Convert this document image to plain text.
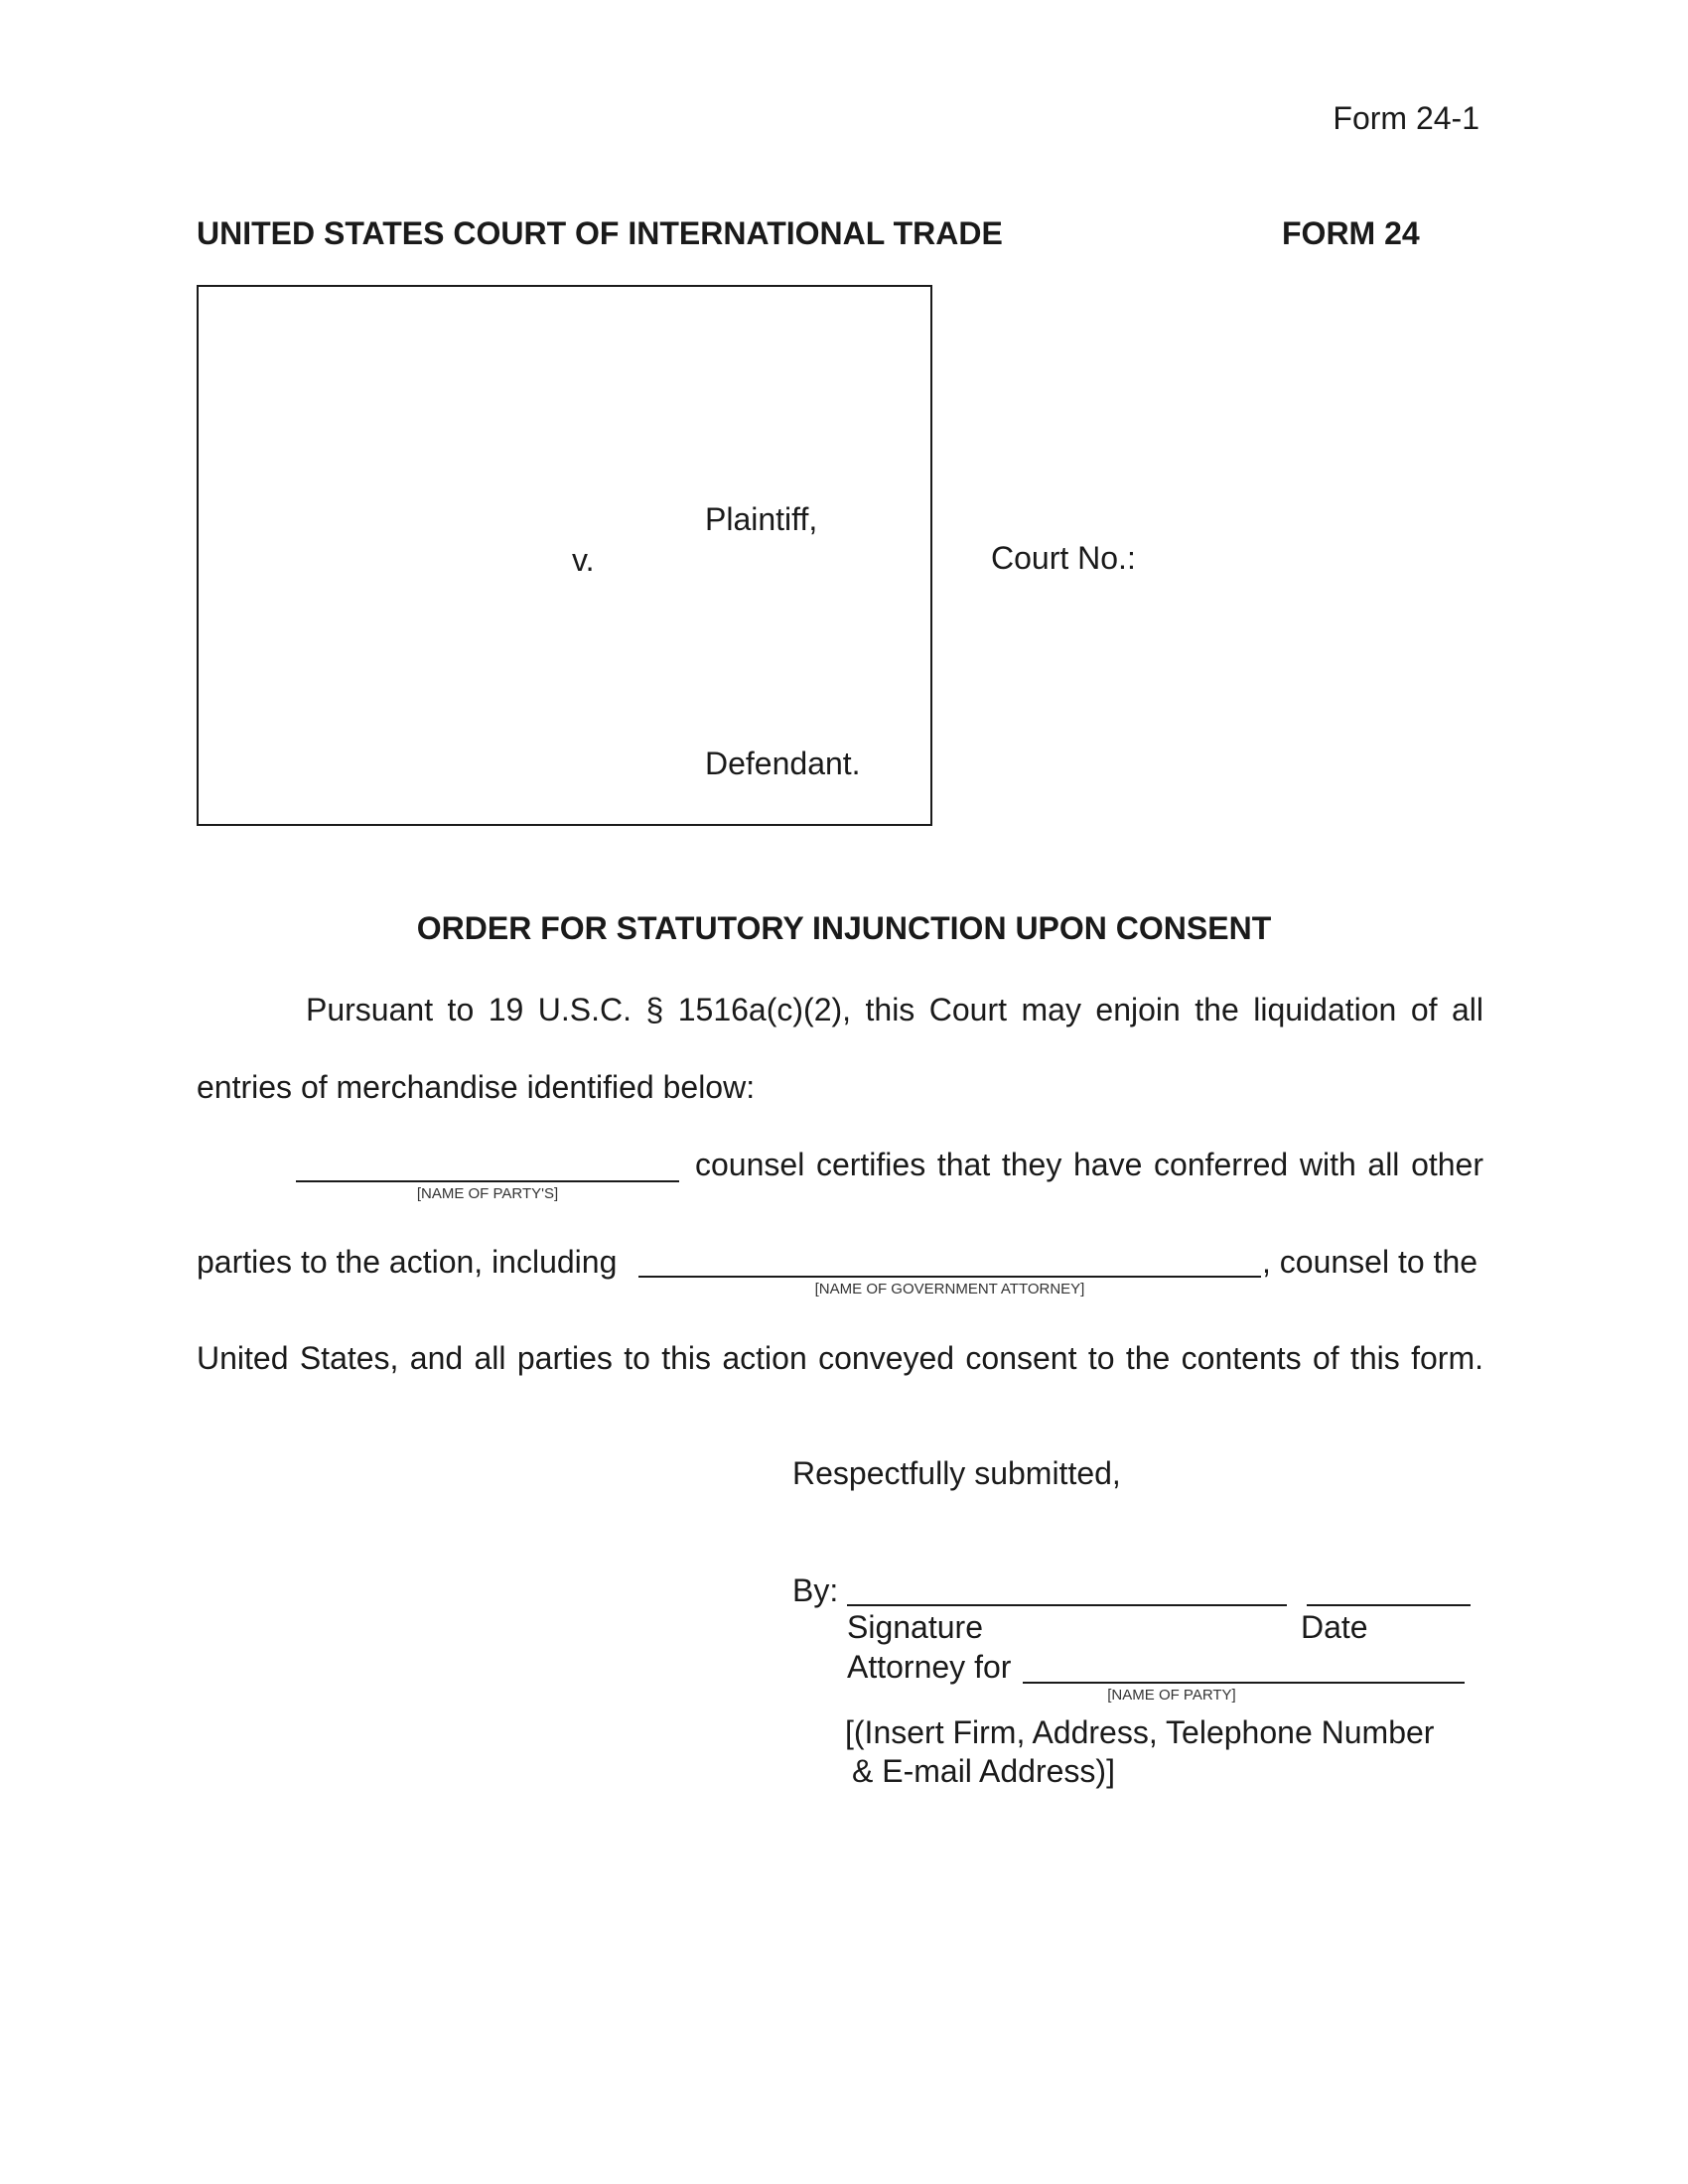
Form 24-1
UNITED STATES COURT OF INTERNATIONAL TRADE	FORM 24
Plaintiff,
v.
Defendant.
Court No.:
ORDER FOR STATUTORY INJUNCTION UPON CONSENT
Pursuant to 19 U.S.C. § 1516a(c)(2), this Court may enjoin the liquidation of all
entries of merchandise identified below:
counsel certifies that they have conferred with all other
[NAME OF PARTY'S]
parties to the action, including	, counsel to the
[NAME OF GOVERNMENT ATTORNEY]
United States, and all parties to this action conveyed consent to the contents of this form.
Respectfully submitted,
By:
Signature	Date
Attorney for
[NAME OF PARTY]
[(Insert Firm, Address, Telephone Number
& E-mail Address)]
